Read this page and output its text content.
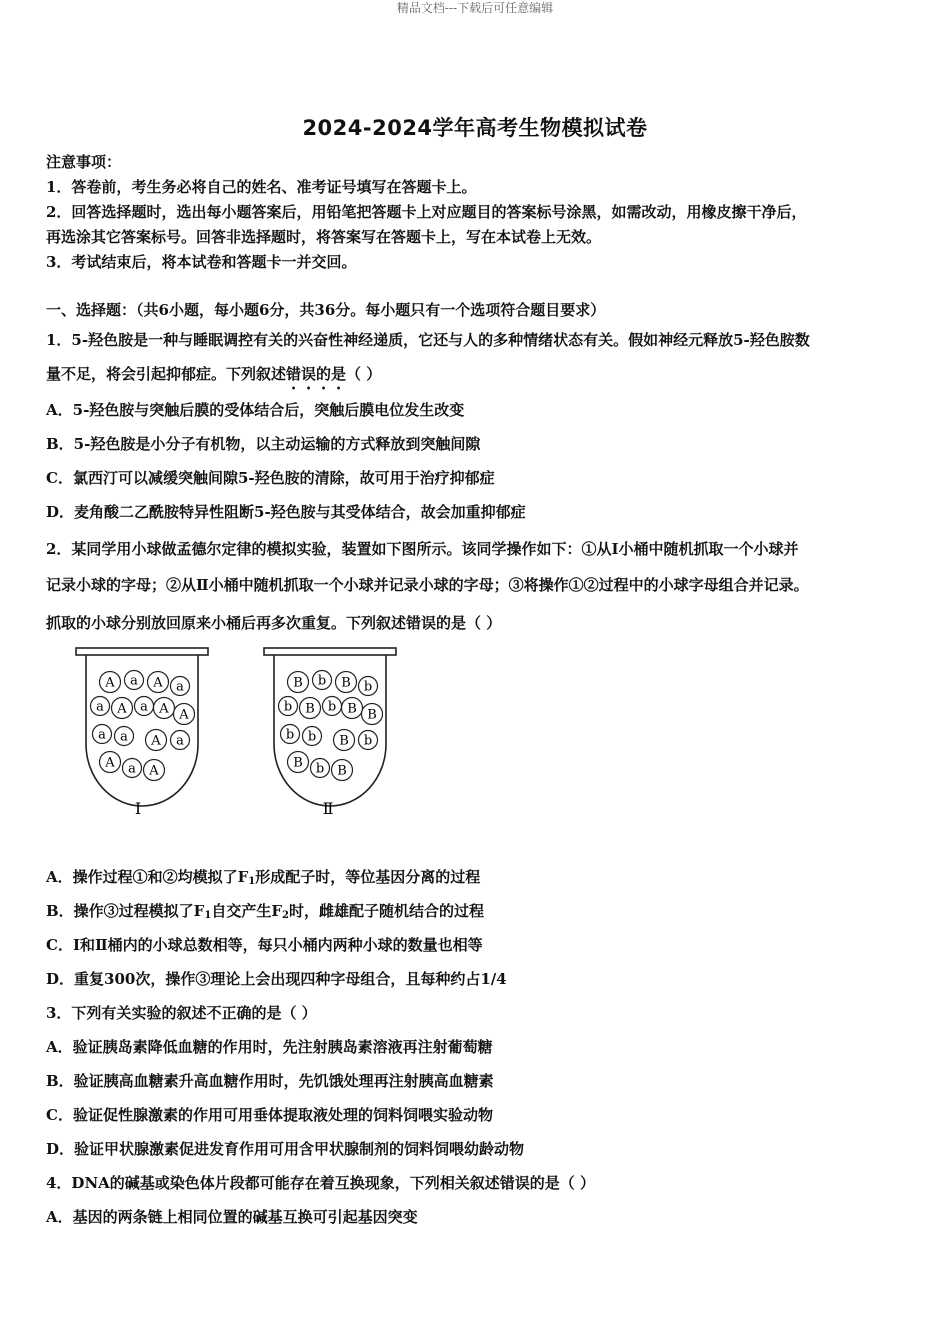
精品文档---下载后可任意编辑
2024-2024学年高考生物模拟试卷
注意事项：
1．答卷前，考生务必将自己的姓名、准考证号填写在答题卡上。
2．回答选择题时，选出每小题答案后，用铅笔把答题卡上对应题目的答案标号涂黑，如需改动，用橡皮擦干净后，
再选涂其它答案标号。回答非选择题时，将答案写在答题卡上，写在本试卷上无效。
3．考试结束后，将本试卷和答题卡一并交回。
一、选择题：（共6小题，每小题6分，共36分。每小题只有一个选项符合题目要求）
1．5-羟色胺是一种与睡眠调控有关的兴奋性神经递质，它还与人的多种情绪状态有关。假如神经元释放5-羟色胺数
量不足，将会引起抑郁症。下列叙述错误的是（ ）
A．5-羟色胺与突触后膜的受体结合后，突触后膜电位发生改变
B．5-羟色胺是小分子有机物，以主动运输的方式释放到突触间隙
C．氯西汀可以减缓突触间隙5-羟色胺的清除，故可用于治疗抑郁症
D．麦角酸二乙酰胺特异性阻断5-羟色胺与其受体结合，故会加重抑郁症
2．某同学用小球做孟德尔定律的模拟实验，装置如下图所示。该同学操作如下：①从Ⅰ小桶中随机抓取一个小球并
记录小球的字母；②从Ⅱ小桶中随机抓取一个小球并记录小球的字母；③将操作①②过程中的小球字母组合并记录。
抓取的小球分别放回原来小桶后再多次重复。下列叙述错误的是（ ）
A a A a
a A a A A
a a A a
A a A
B b B b
b B b B B
b b B b
B b B
Ⅰ	Ⅱ
A．操作过程①和②均模拟了$F_1$形成配子时，等位基因分离的过程
B．操作③过程模拟了$F_1$自交产生$F_2$时，雌雄配子随机结合的过程
C．Ⅰ和Ⅱ桶内的小球总数相等，每只小桶内两种小球的数量也相等
D．重复300次，操作③理论上会出现四种字母组合，且每种约占1/4
3．下列有关实验的叙述不正确的是（ ）
A．验证胰岛素降低血糖的作用时，先注射胰岛素溶液再注射葡萄糖
B．验证胰高血糖素升高血糖作用时，先饥饿处理再注射胰高血糖素
C．验证促性腺激素的作用可用垂体提取液处理的饲料饲喂实验动物
D．验证甲状腺激素促进发育作用可用含甲状腺制剂的饲料饲喂幼龄动物
4．DNA的碱基或染色体片段都可能存在着互换现象，下列相关叙述错误的是（ ）
A．基因的两条链上相同位置的碱基互换可引起基因突变
